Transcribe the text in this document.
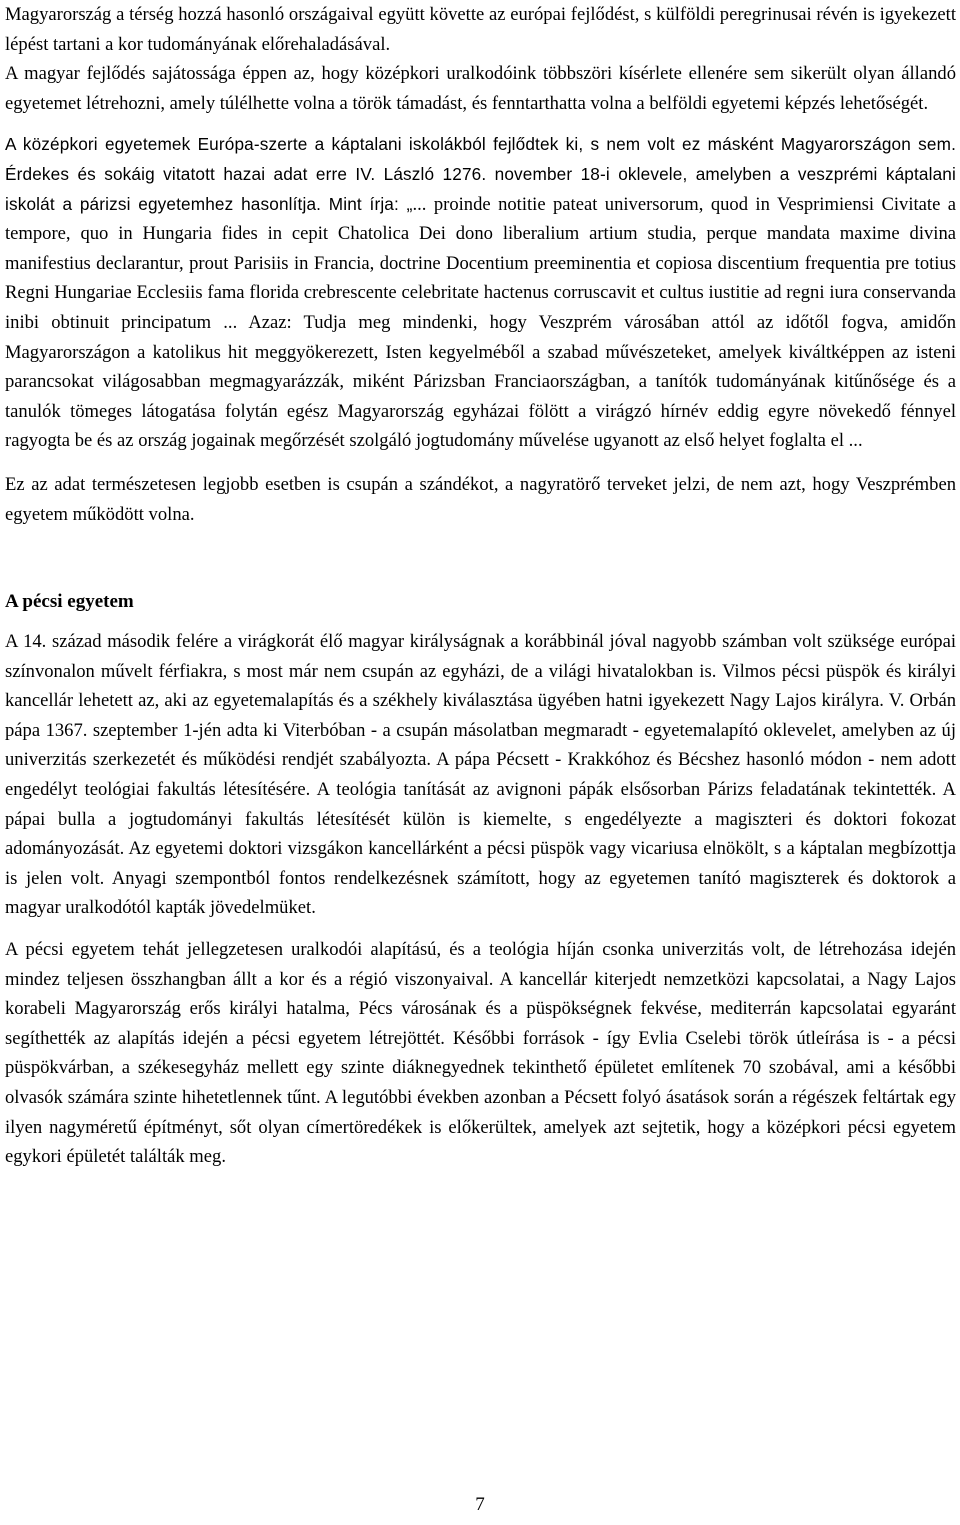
Magyarország a térség hozzá hasonló országaival együtt követte az európai fejlődést, s külföldi peregrinusai révén is igyekezett lépést tartani a kor tudományának előrehaladásával.

A magyar fejlődés sajátossága éppen az, hogy középkori uralkodóink többszöri kísérlete ellenére sem sikerült olyan állandó egyetemet létrehozni, amely túlélhette volna a török támadást, és fenntarthatta volna a belföldi egyetemi képzés lehetőségét.

A középkori egyetemek Európa-szerte a káptalani iskolákból fejlődtek ki, s nem volt ez másként Magyarországon sem. Érdekes és sokáig vitatott hazai adat erre IV. László 1276. november 18-i oklevele, amelyben a veszprémi káptalani iskolát a párizsi egyetemhez hasonlítja. Mint írja: „... proinde notitie pateat universorum, quod in Vesprimiensi Civitate a tempore, quo in Hungaria fides in cepit Chatolica Dei dono liberalium artium studia, perque mandata maxime divina manifestius declarantur, prout Parisiis in Francia, doctrine Docentium preeminentia et copiosa discentium frequentia pre totius Regni Hungariae Ecclesiis fama florida crebrescente celebritate hactenus corruscavit et cultus iustitie ad regni iura conservanda inibi obtinuit principatum ... Azaz: Tudja meg mindenki, hogy Veszprém városában attól az időtől fogva, amidőn Magyarországon a katolikus hit meggyökerezett, Isten kegyelméből a szabad művészeteket, amelyek kiváltképpen az isteni parancsokat világosabban megmagyarázzák, miként Párizsban Franciaországban, a tanítók tudományának kitűnősége és a tanulók tömeges látogatása folytán egész Magyarország egyházai fölött a virágzó hírnév eddig egyre növekedő fénnyel ragyogta be és az ország jogainak megőrzését szolgáló jogtudomány művelése ugyanott az első helyet foglalta el ...

Ez az adat természetesen legjobb esetben is csupán a szándékot, a nagyratörő terveket jelzi, de nem azt, hogy Veszprémben egyetem működött volna.

A pécsi egyetem

A 14. század második felére a virágkorát élő magyar királyságnak a korábbinál jóval nagyobb számban volt szüksége európai színvonalon művelt férfiakra, s most már nem csupán az egyházi, de a világi hivatalokban is. Vilmos pécsi püspök és királyi kancellár lehetett az, aki az egyetemalapítás és a székhely kiválasztása ügyében hatni igyekezett Nagy Lajos királyra. V. Orbán pápa 1367. szeptember 1-jén adta ki Viterbóban - a csupán másolatban megmaradt - egyetemalapító oklevelet, amelyben az új univerzitás szerkezetét és működési rendjét szabályozta. A pápa Pécsett - Krakkóhoz és Bécshez hasonló módon - nem adott engedélyt teológiai fakultás létesítésére. A teológia tanítását az avignoni pápák elsősorban Párizs feladatának tekintették. A pápai bulla a jogtudományi fakultás létesítését külön is kiemelte, s engedélyezte a magiszteri és doktori fokozat adományozását. Az egyetemi doktori vizsgákon kancellárként a pécsi püspök vagy vicariusa elnökölt, s a káptalan megbízottja is jelen volt. Anyagi szempontból fontos rendelkezésnek számított, hogy az egyetemen tanító magiszterek és doktorok a magyar uralkodótól kapták jövedelmüket.

A pécsi egyetem tehát jellegzetesen uralkodói alapítású, és a teológia híján csonka univerzitás volt, de létrehozása idején mindez teljesen összhangban állt a kor és a régió viszonyaival. A kancellár kiterjedt nemzetközi kapcsolatai, a Nagy Lajos korabeli Magyarország erős királyi hatalma, Pécs városának és a püspökségnek fekvése, mediterrán kapcsolatai egyaránt segíthették az alapítás idején a pécsi egyetem létrejöttét. Későbbi források - így Evlia Cselebi török útleírása is - a pécsi püspökvárban, a székesegyház mellett egy szinte diáknegyednek tekinthető épületet említenek 70 szobával, ami a későbbi olvasók számára szinte hihetetlennek tűnt. A legutóbbi években azonban a Pécsett folyó ásatások során a régészek feltártak egy ilyen nagyméretű építményt, sőt olyan címertöredékek is előkerültek, amelyek azt sejtetik, hogy a középkori pécsi egyetem egykori épületét találták meg.

7
